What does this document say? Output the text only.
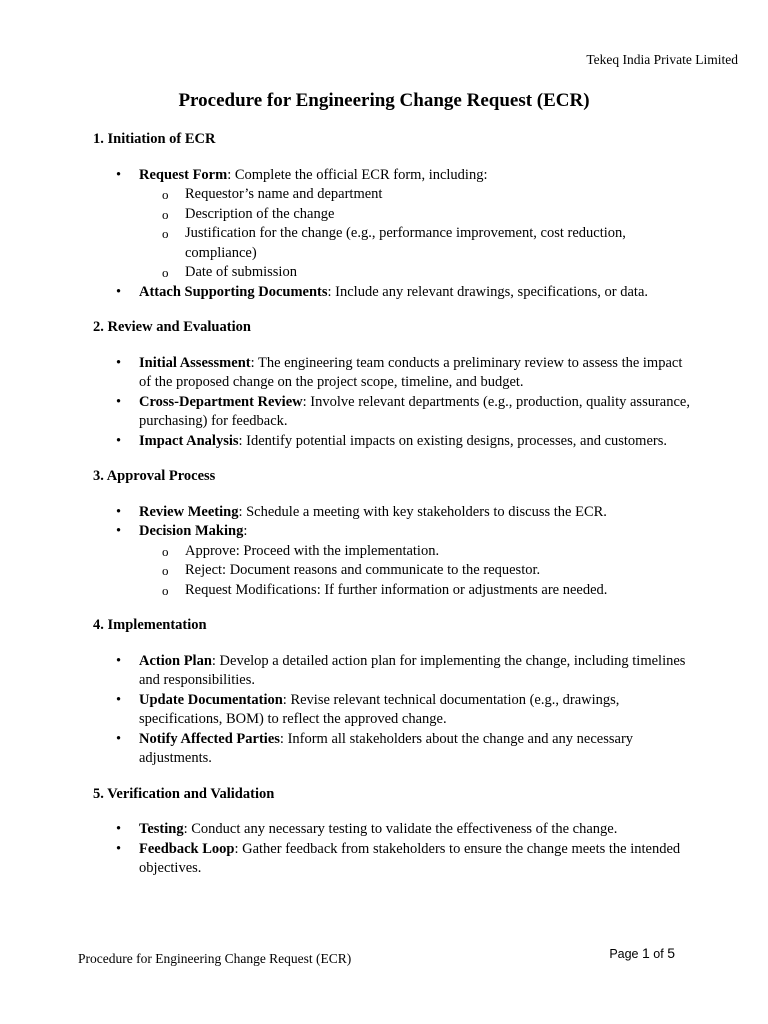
Tekeq India Private Limited
Procedure for Engineering Change Request (ECR)
1. Initiation of ECR
• Request Form: Complete the official ECR form, including:
o Requestor’s name and department
o Description of the change
o Justification for the change (e.g., performance improvement, cost reduction, compliance)
o Date of submission
• Attach Supporting Documents: Include any relevant drawings, specifications, or data.
2. Review and Evaluation
• Initial Assessment: The engineering team conducts a preliminary review to assess the impact of the proposed change on the project scope, timeline, and budget.
• Cross-Department Review: Involve relevant departments (e.g., production, quality assurance, purchasing) for feedback.
• Impact Analysis: Identify potential impacts on existing designs, processes, and customers.
3. Approval Process
• Review Meeting: Schedule a meeting with key stakeholders to discuss the ECR.
• Decision Making:
o Approve: Proceed with the implementation.
o Reject: Document reasons and communicate to the requestor.
o Request Modifications: If further information or adjustments are needed.
4. Implementation
• Action Plan: Develop a detailed action plan for implementing the change, including timelines and responsibilities.
• Update Documentation: Revise relevant technical documentation (e.g., drawings, specifications, BOM) to reflect the approved change.
• Notify Affected Parties: Inform all stakeholders about the change and any necessary adjustments.
5. Verification and Validation
• Testing: Conduct any necessary testing to validate the effectiveness of the change.
• Feedback Loop: Gather feedback from stakeholders to ensure the change meets the intended objectives.
Procedure for Engineering Change Request (ECR)	Page 1 of 5
